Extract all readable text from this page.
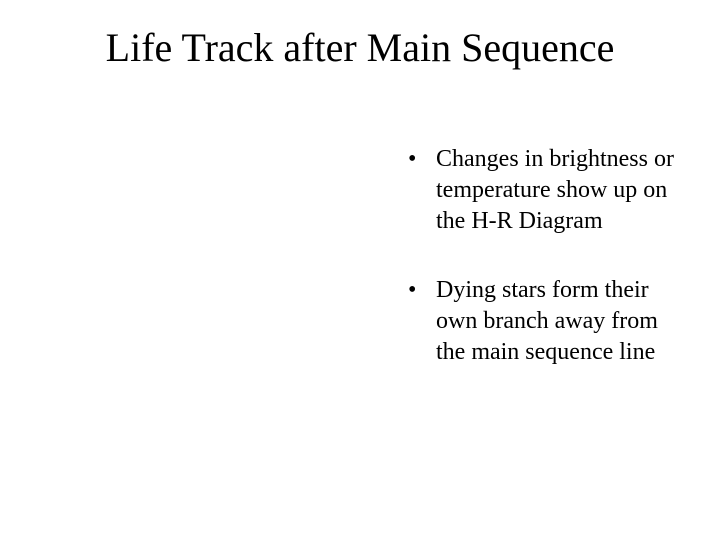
Life Track after Main Sequence
• Changes in brightness or
temperature show up on
the H-R Diagram
• Dying stars form their
own branch away from
the main sequence line
